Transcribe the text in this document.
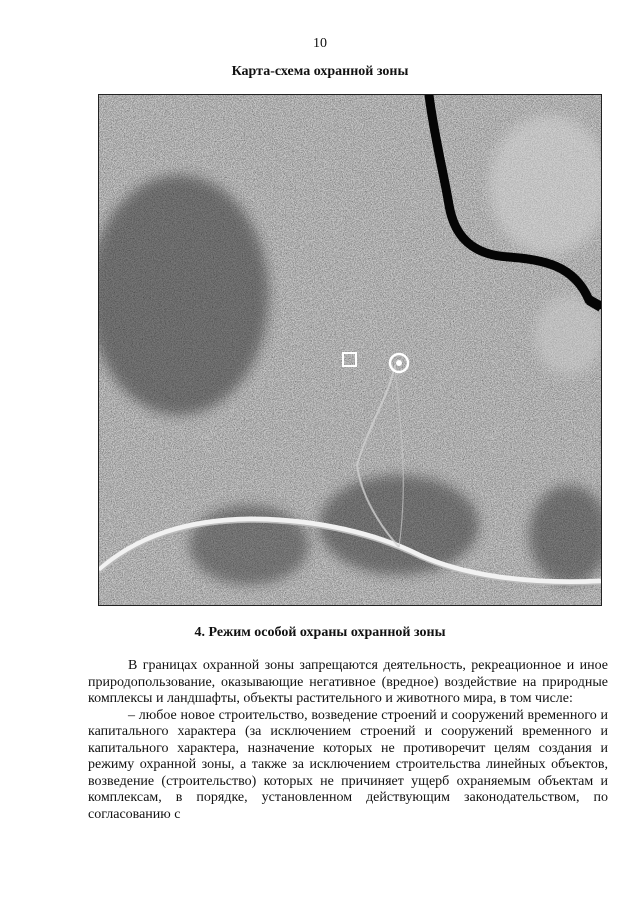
10
Карта-схема охранной зоны
4. Режим особой охраны охранной зоны

В границах охранной зоны запрещаются деятельность, рекреационное и иное природопользование, оказывающие негативное (вредное) воздействие на природные комплексы и ландшафты, объекты растительного и животного мира, в том числе:

– любое новое строительство, возведение строений и сооружений временного и капитального характера (за исключением строений и сооружений временного и капитального характера, назначение которых не противоречит целям создания и режиму охранной зоны, а также за исключением строительства линейных объектов, возведение (строительство) которых не причиняет ущерб охраняемым объектам и комплексам, в порядке, установленном действующим законодательством, по согласованию с
